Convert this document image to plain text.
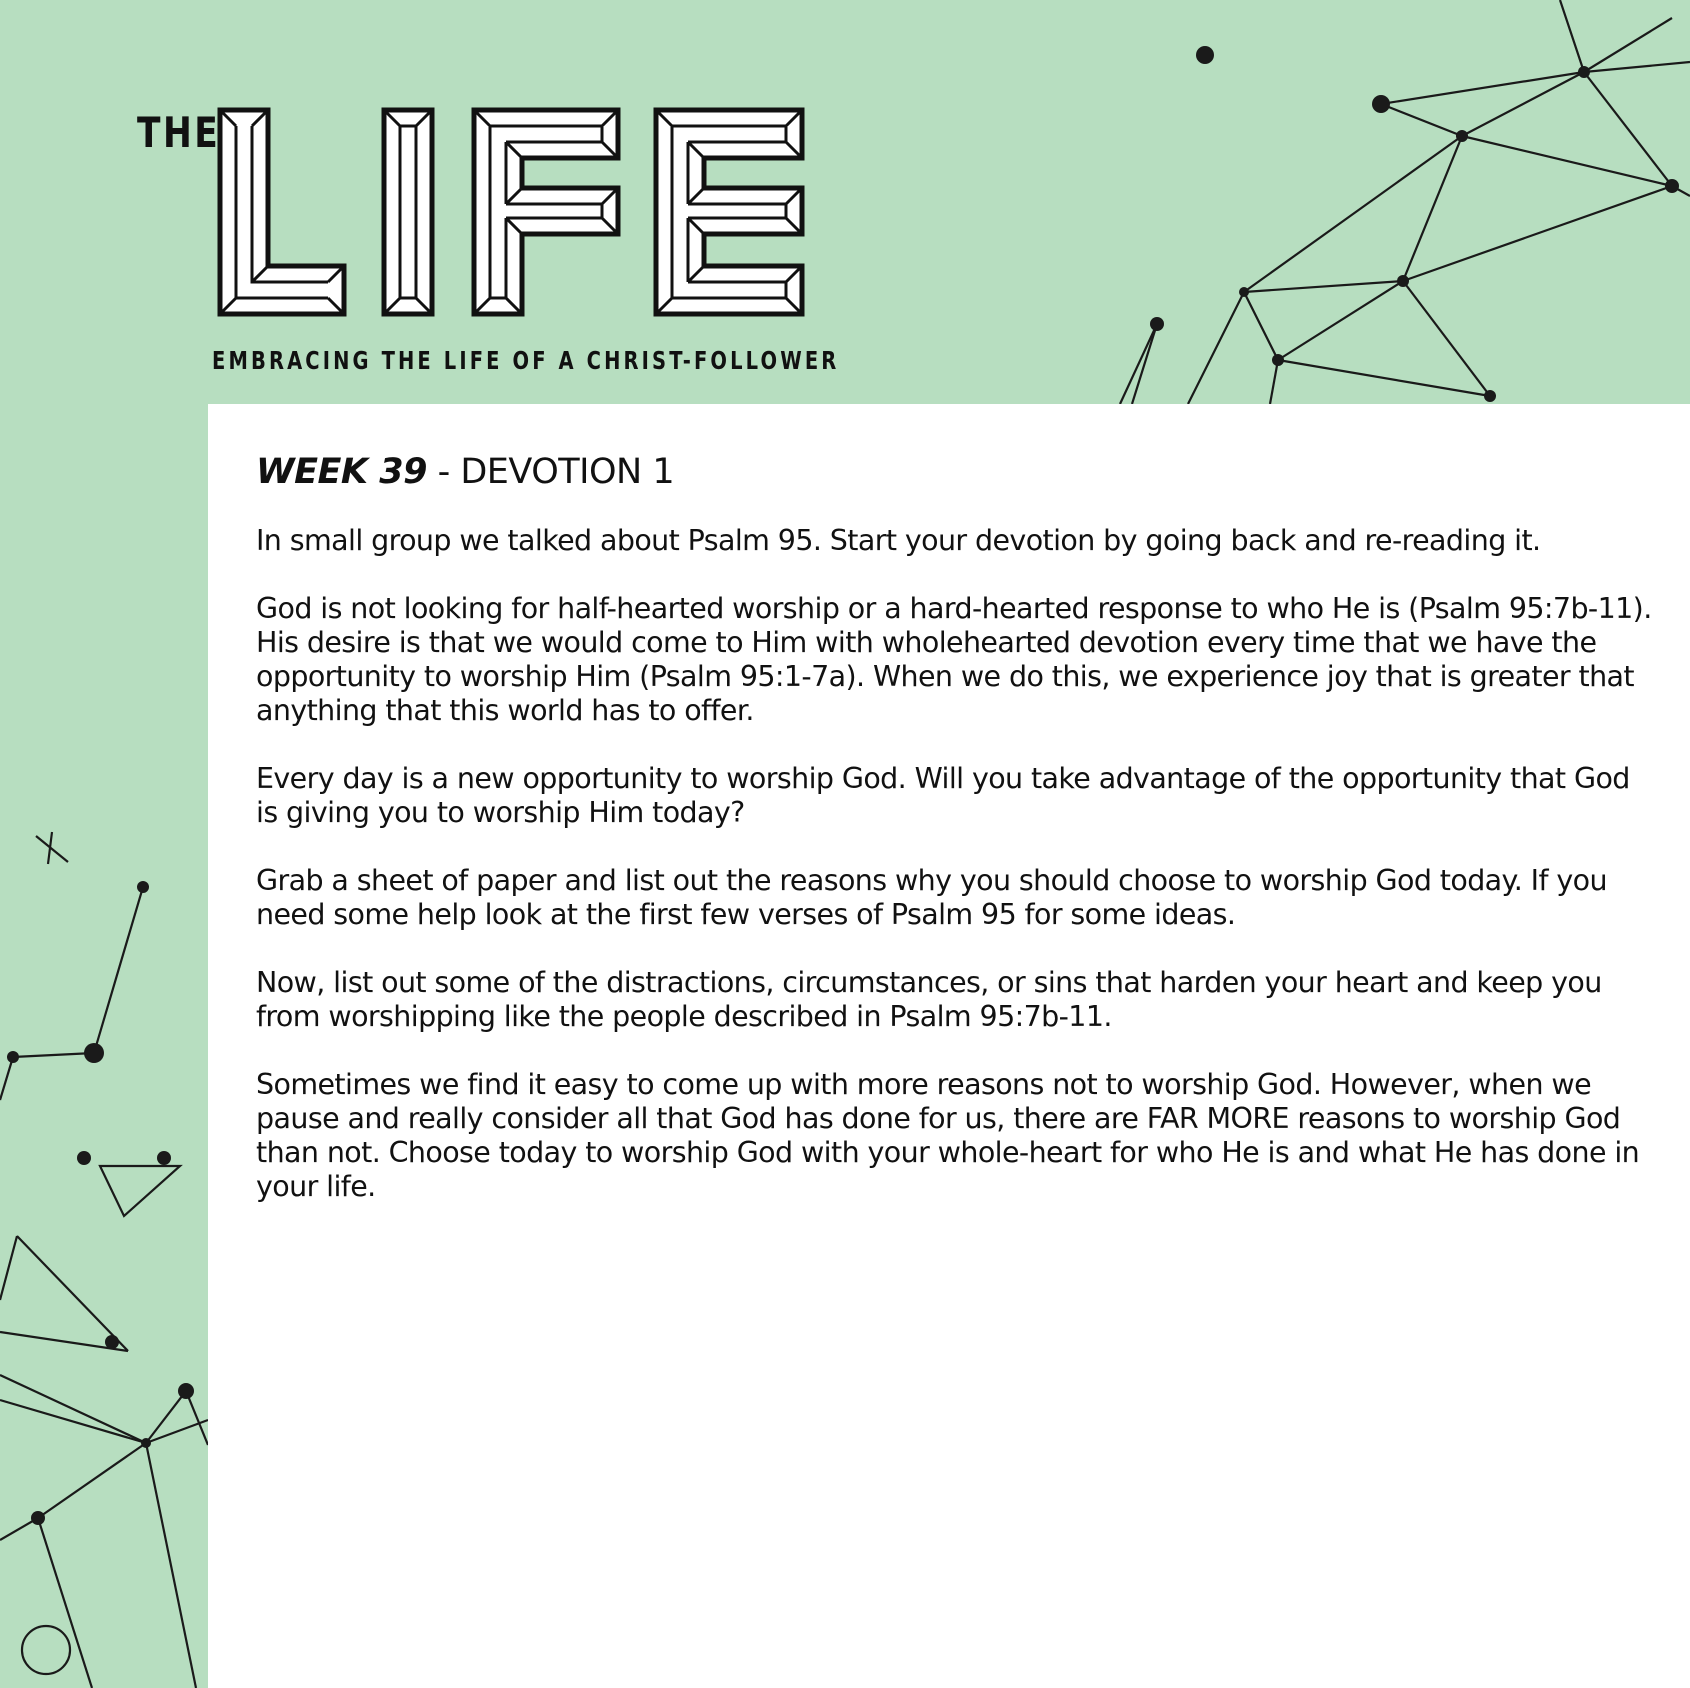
THE
EMBRACING THE LIFE OF A CHRIST-FOLLOWER
WEEK 39 - DEVOTION 1

In small group we talked about Psalm 95. Start your devotion by going back and re-reading it.

God is not looking for half-hearted worship or a hard-hearted response to who He is (Psalm 95:7b-11). His desire is that we would come to Him with wholehearted devotion every time that we have the opportunity to worship Him (Psalm 95:1-7a). When we do this, we experience joy that is greater that anything that this world has to offer.

Every day is a new opportunity to worship God. Will you take advantage of the opportunity that God is giving you to worship Him today?

Grab a sheet of paper and list out the reasons why you should choose to worship God today. If you need some help look at the first few verses of Psalm 95 for some ideas.

Now, list out some of the distractions, circumstances, or sins that harden your heart and keep you from worshipping like the people described in Psalm 95:7b-11.

Sometimes we find it easy to come up with more reasons not to worship God. However, when we pause and really consider all that God has done for us, there are FAR MORE reasons to worship God than not. Choose today to worship God with your whole-heart for who He is and what He has done in your life.
